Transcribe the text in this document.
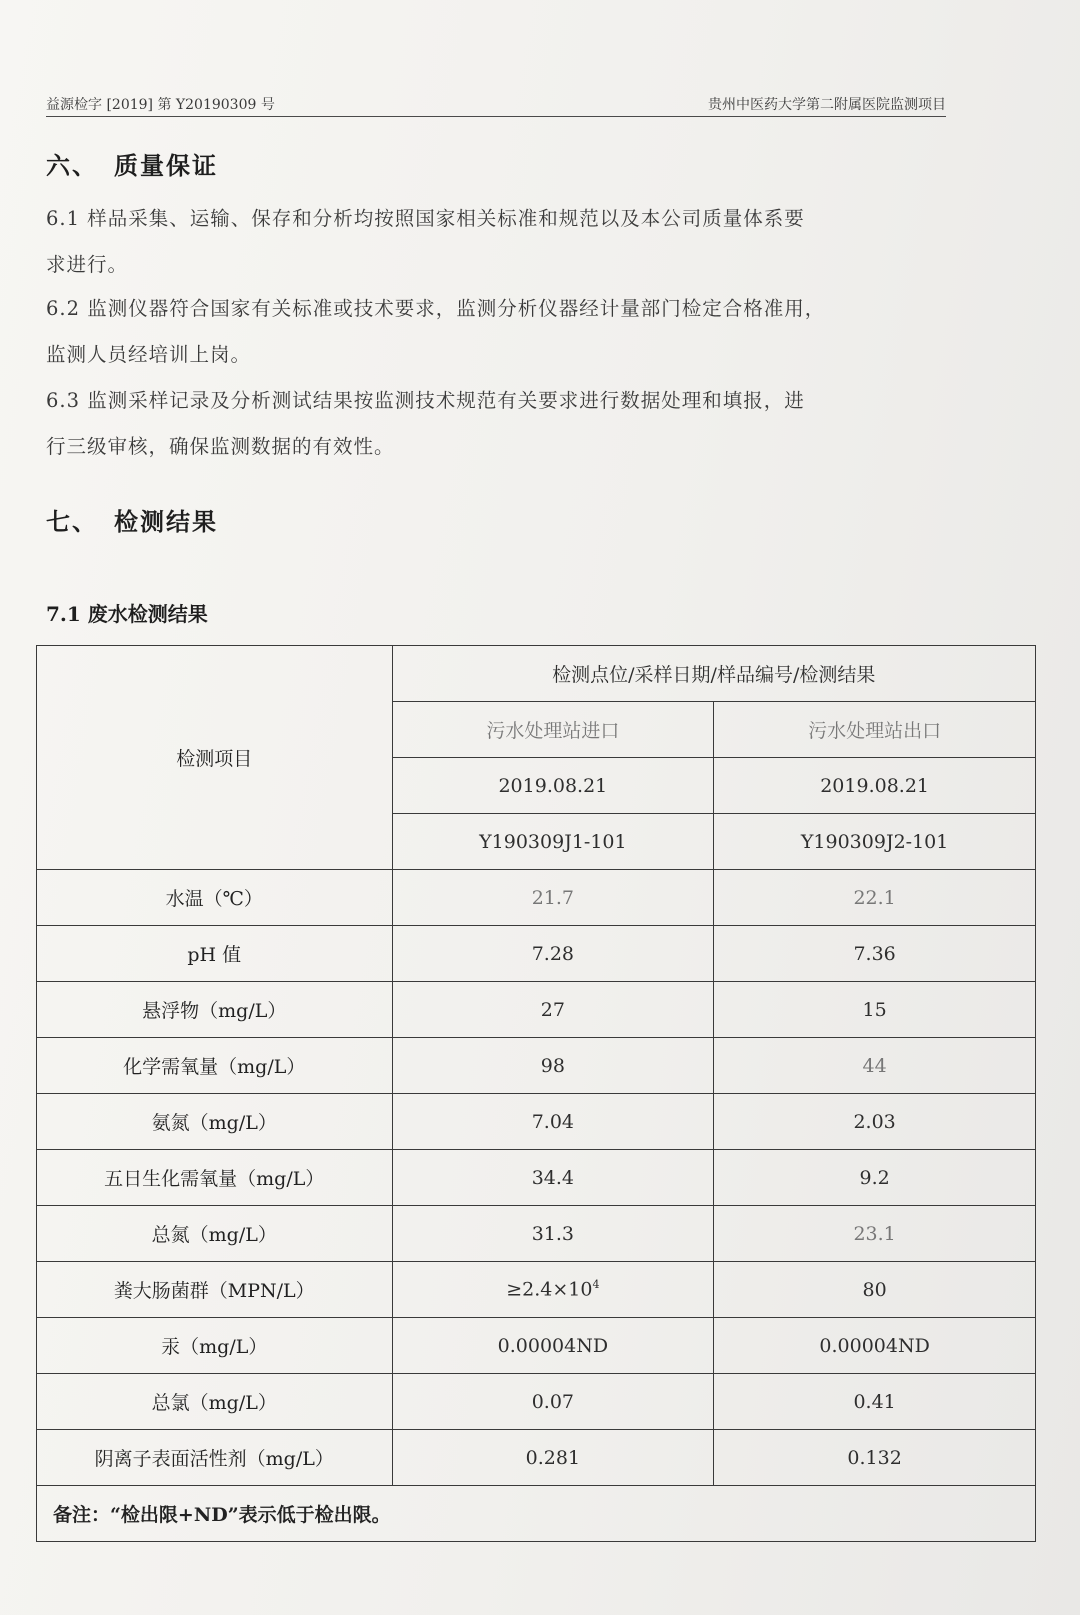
益源检字 [2019] 第 Y20190309 号	贵州中医药大学第二附属医院监测项目
六、 质量保证
6.1 样品采集、运输、保存和分析均按照国家相关标准和规范以及本公司质量体系要
求进行。
6.2 监测仪器符合国家有关标准或技术要求，监测分析仪器经计量部门检定合格准用，
监测人员经培训上岗。
6.3 监测采样记录及分析测试结果按监测技术规范有关要求进行数据处理和填报，进
行三级审核，确保监测数据的有效性。
七、 检测结果
7.1 废水检测结果
检测项目	检测点位/采样日期/样品编号/检测结果	
	污水处理站进口	污水处理站出口
	2019.08.21	2019.08.21
	Y190309J1-101	Y190309J2-101
水温（℃）	21.7	22.1
pH 值	7.28	7.36
悬浮物（mg/L）	27	15
化学需氧量（mg/L）	98	44
氨氮（mg/L）	7.04	2.03
五日生化需氧量（mg/L）	34.4	9.2
总氮（mg/L）	31.3	23.1
粪大肠菌群（MPN/L）	$\ge 2.4\times 10^4$	80
汞（mg/L）	0.00004ND	0.00004ND
总氯（mg/L）	0.07	0.41
阴离子表面活性剂（mg/L）	0.281	0.132
备注：“检出限+ND”表示低于检出限。		
